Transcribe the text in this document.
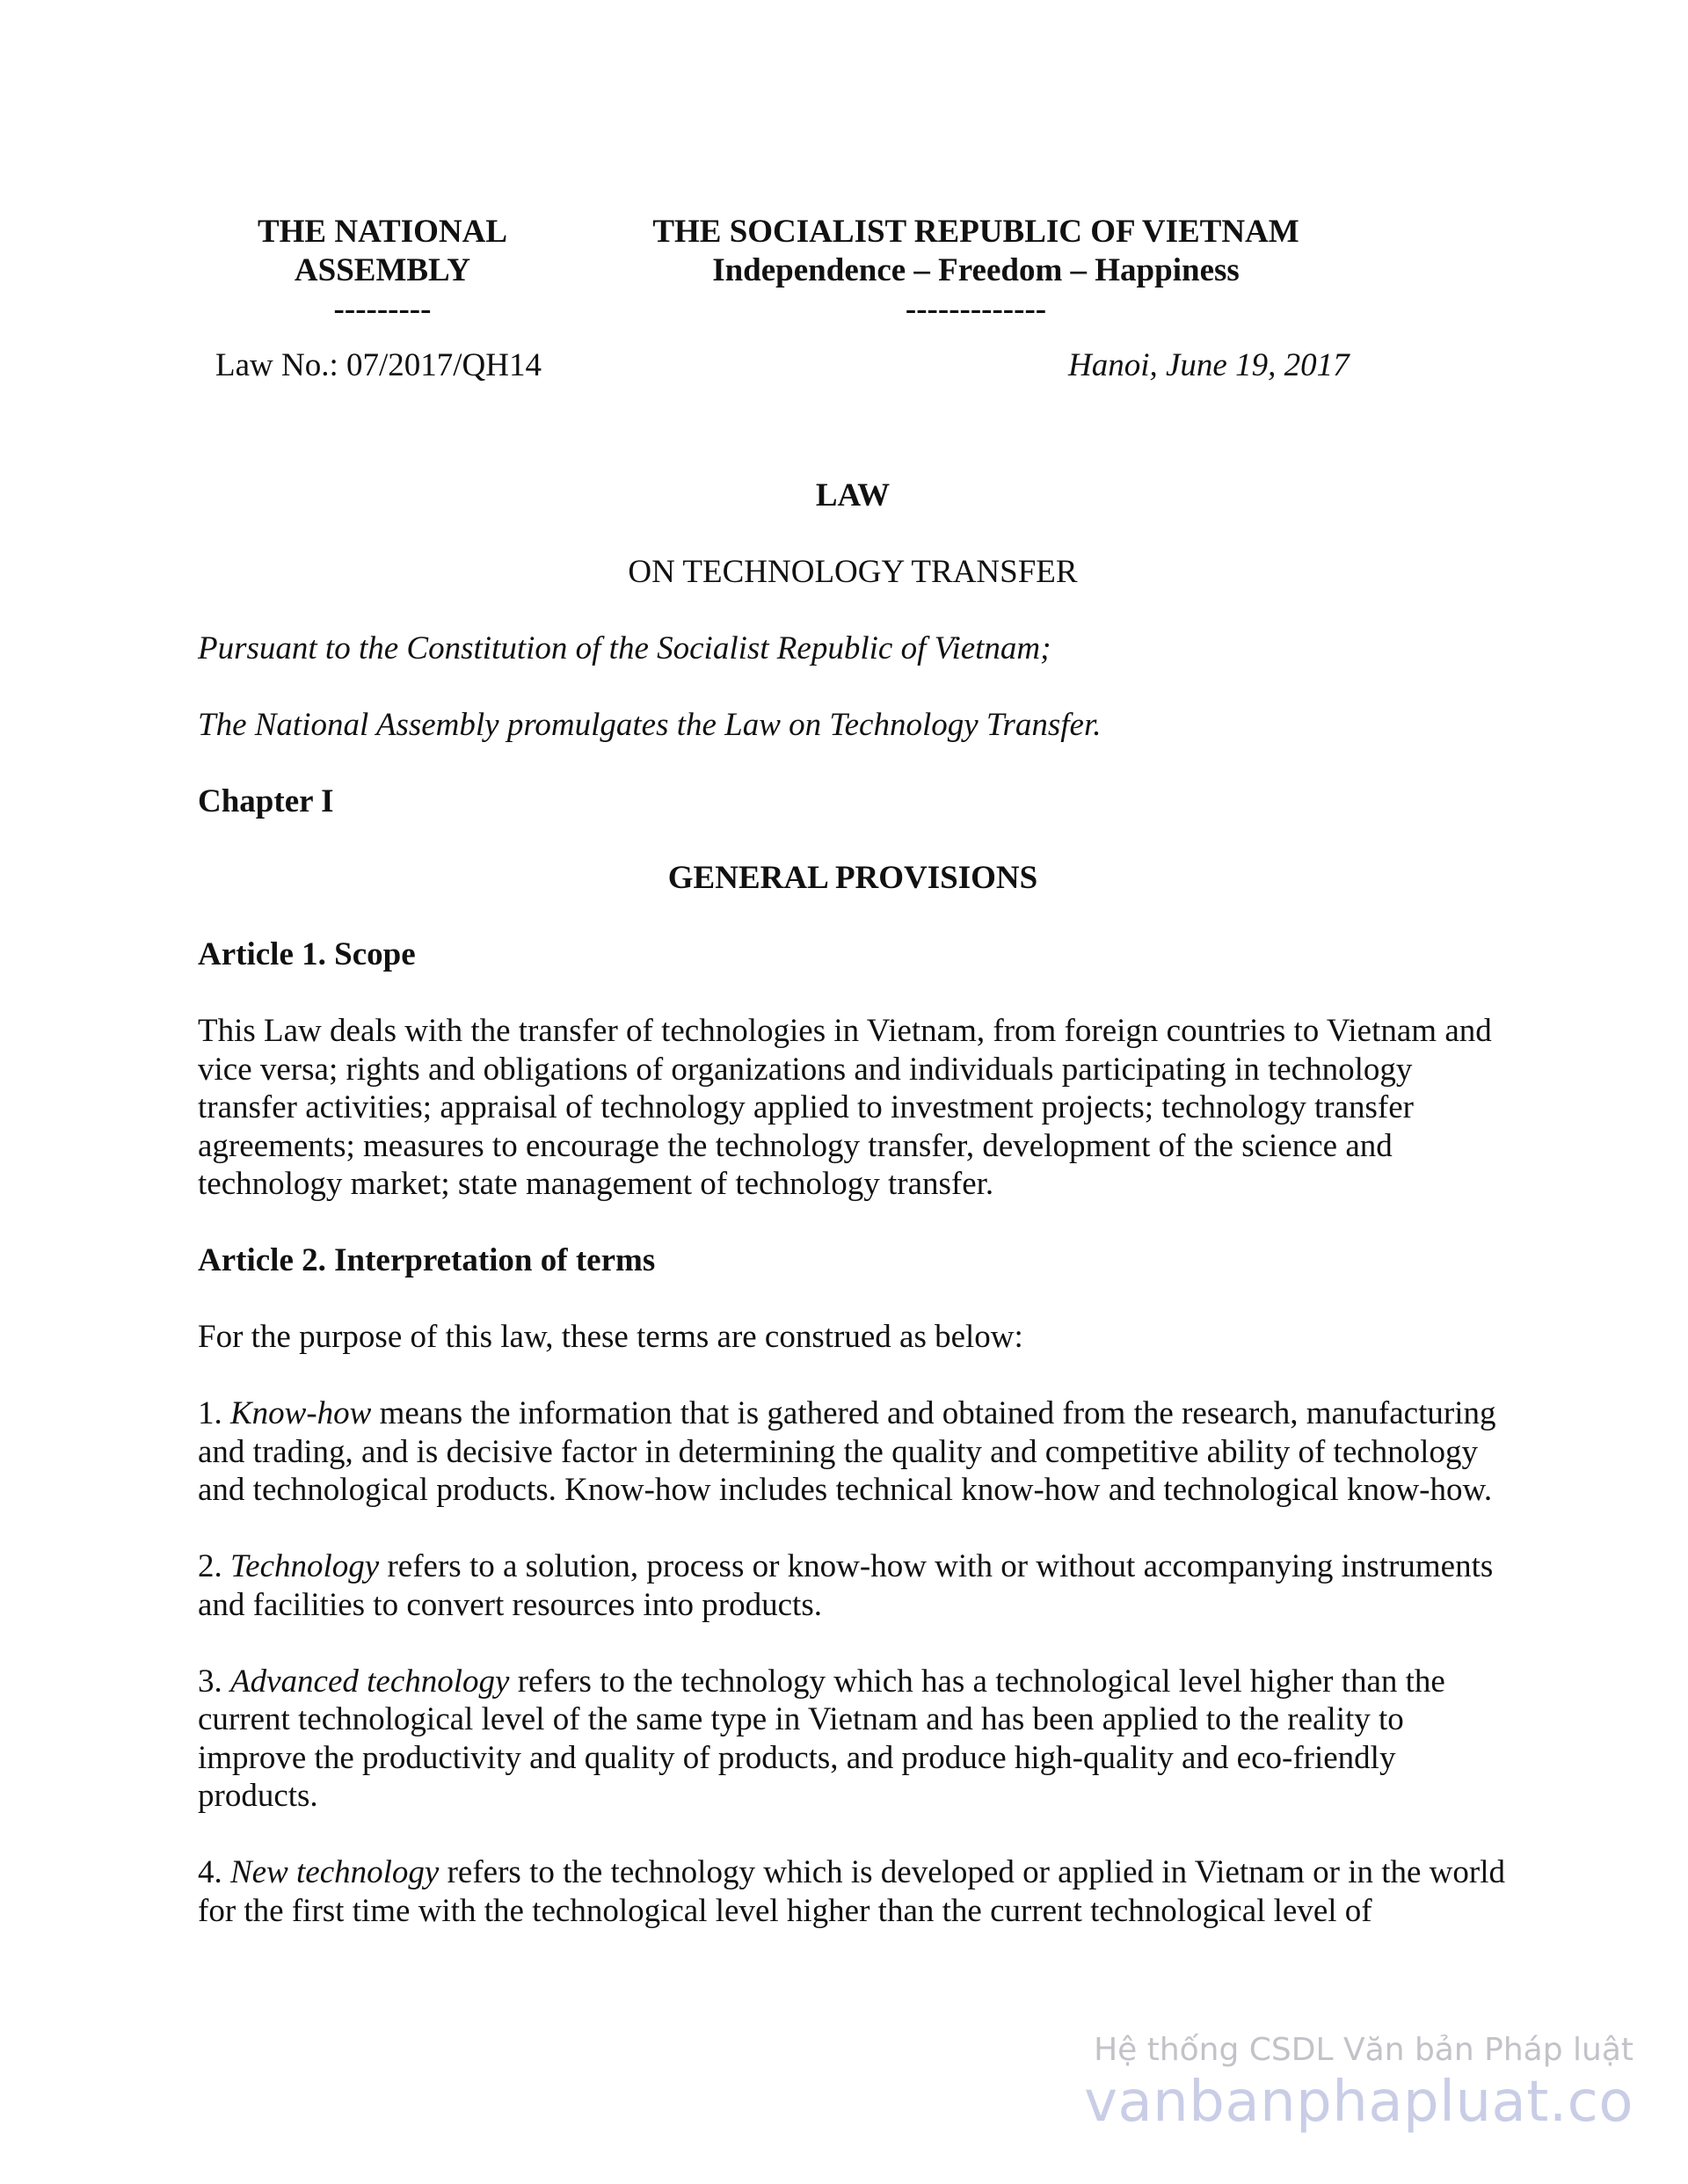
THE NATIONAL
ASSEMBLY
---------
THE SOCIALIST REPUBLIC OF VIETNAM
Independence – Freedom – Happiness
-------------
Law No.: 07/2017/QH14	Hanoi, June 19, 2017

LAW

ON TECHNOLOGY TRANSFER

Pursuant to the Constitution of the Socialist Republic of Vietnam;

The National Assembly promulgates the Law on Technology Transfer.

Chapter I

GENERAL PROVISIONS

Article 1. Scope

This Law deals with the transfer of technologies in Vietnam, from foreign countries to Vietnam and vice versa; rights and obligations of organizations and individuals participating in technology transfer activities; appraisal of technology applied to investment projects; technology transfer agreements; measures to encourage the technology transfer, development of the science and technology market; state management of technology transfer.

Article 2. Interpretation of terms

For the purpose of this law, these terms are construed as below:

1. Know-how means the information that is gathered and obtained from the research, manufacturing and trading, and is decisive factor in determining the quality and competitive ability of technology and technological products. Know-how includes technical know-how and technological know-how.

2. Technology refers to a solution, process or know-how with or without accompanying instruments and facilities to convert resources into products.

3. Advanced technology refers to the technology which has a technological level higher than the current technological level of the same type in Vietnam and has been applied to the reality to improve the productivity and quality of products, and produce high-quality and eco-friendly products.

4. New technology refers to the technology which is developed or applied in Vietnam or in the world for the first time with the technological level higher than the current technological level of

Hệ thống CSDL Văn bản Pháp luật
vanbanphapluat.co
